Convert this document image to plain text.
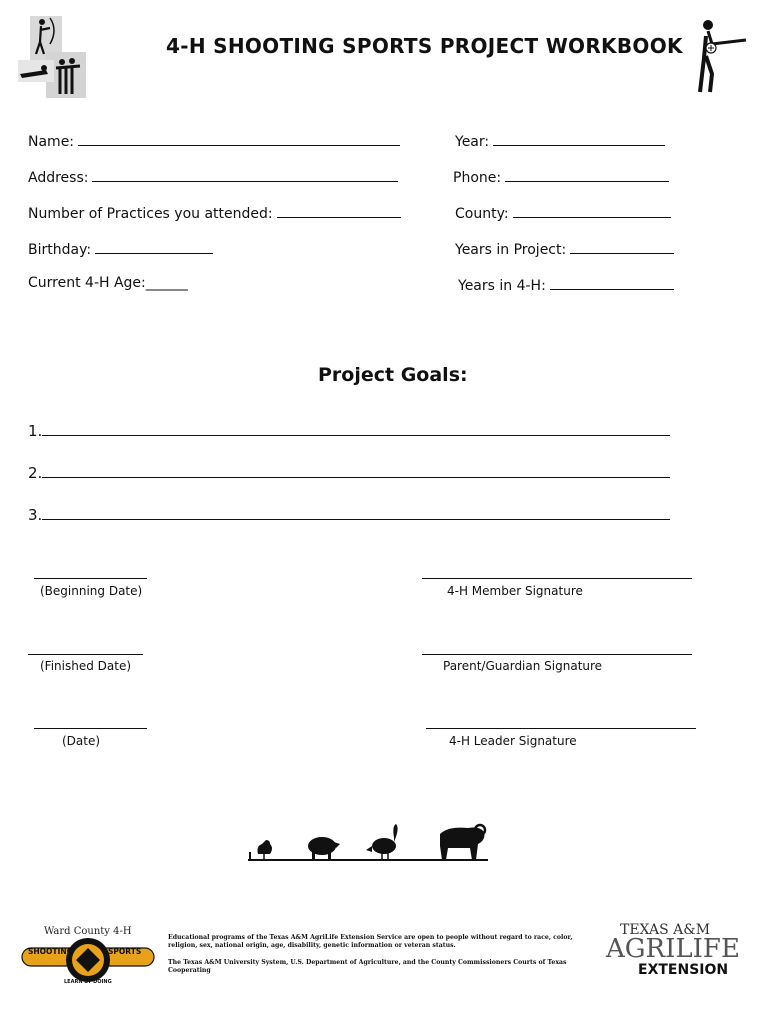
4-H SHOOTING SPORTS PROJECT WORKBOOK
Name:	Year:
Address:	Phone:
Number of Practices you attended:	County:
Birthday:	Years in Project:
Current 4-H Age:______	Years in 4-H:
Project Goals:
1.
2.
3.
(Beginning Date)	4-H Member Signature
(Finished Date)	Parent/Guardian Signature
(Date)	4-H Leader Signature
Ward County 4-H
SHOOTING	SPORTS
LEARN BY DOING
Educational programs of the Texas A&M AgriLife Extension Service are open to people without regard to race, color, religion, sex, national origin, age, disability, genetic information or veteran status.
The Texas A&M University System, U.S. Department of Agriculture, and the County Commissioners Courts of Texas Cooperating
TEXAS A&M
AGRILIFE
EXTENSION
